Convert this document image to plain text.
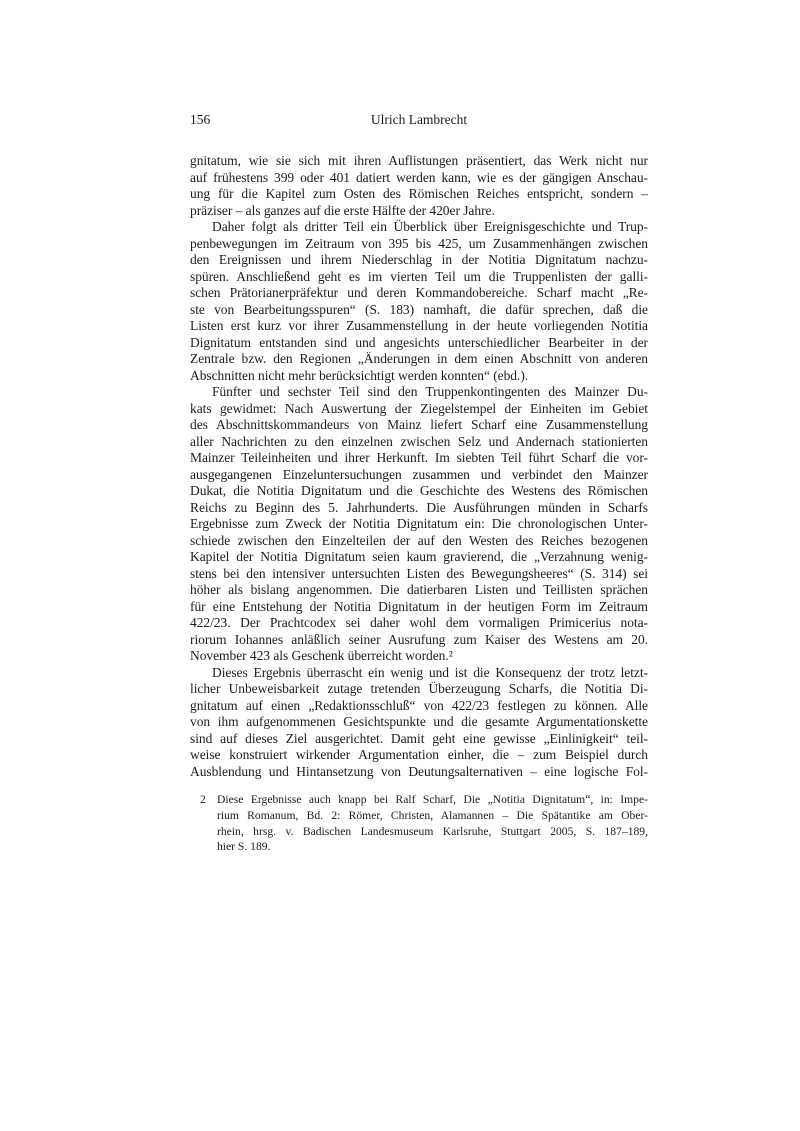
156	Ulrich Lambrecht
gnitatum, wie sie sich mit ihren Auflistungen präsentiert, das Werk nicht nur
auf frühestens 399 oder 401 datiert werden kann, wie es der gängigen Anschau-
ung für die Kapitel zum Osten des Römischen Reiches entspricht, sondern –
präziser – als ganzes auf die erste Hälfte der 420er Jahre.
Daher folgt als dritter Teil ein Überblick über Ereignisgeschichte und Trup-
penbewegungen im Zeitraum von 395 bis 425, um Zusammenhängen zwischen
den Ereignissen und ihrem Niederschlag in der Notitia Dignitatum nachzu-
spüren. Anschließend geht es im vierten Teil um die Truppenlisten der galli-
schen Prätorianerpräfektur und deren Kommandobereiche. Scharf macht „Re-
ste von Bearbeitungsspuren“ (S. 183) namhaft, die dafür sprechen, daß die
Listen erst kurz vor ihrer Zusammenstellung in der heute vorliegenden Notitia
Dignitatum entstanden sind und angesichts unterschiedlicher Bearbeiter in der
Zentrale bzw. den Regionen „Änderungen in dem einen Abschnitt von anderen
Abschnitten nicht mehr berücksichtigt werden konnten“ (ebd.).
Fünfter und sechster Teil sind den Truppenkontingenten des Mainzer Du-
kats gewidmet: Nach Auswertung der Ziegelstempel der Einheiten im Gebiet
des Abschnittskommandeurs von Mainz liefert Scharf eine Zusammenstellung
aller Nachrichten zu den einzelnen zwischen Selz und Andernach stationierten
Mainzer Teileinheiten und ihrer Herkunft. Im siebten Teil führt Scharf die vor-
ausgegangenen Einzeluntersuchungen zusammen und verbindet den Mainzer
Dukat, die Notitia Dignitatum und die Geschichte des Westens des Römischen
Reichs zu Beginn des 5. Jahrhunderts. Die Ausführungen münden in Scharfs
Ergebnisse zum Zweck der Notitia Dignitatum ein: Die chronologischen Unter-
schiede zwischen den Einzelteilen der auf den Westen des Reiches bezogenen
Kapitel der Notitia Dignitatum seien kaum gravierend, die „Verzahnung wenig-
stens bei den intensiver untersuchten Listen des Bewegungsheeres“ (S. 314) sei
höher als bislang angenommen. Die datierbaren Listen und Teillisten sprächen
für eine Entstehung der Notitia Dignitatum in der heutigen Form im Zeitraum
422/23. Der Prachtcodex sei daher wohl dem vormaligen Primicerius nota-
riorum Iohannes anläßlich seiner Ausrufung zum Kaiser des Westens am 20.
November 423 als Geschenk überreicht worden.²
Dieses Ergebnis überrascht ein wenig und ist die Konsequenz der trotz letzt-
licher Unbeweisbarkeit zutage tretenden Überzeugung Scharfs, die Notitia Di-
gnitatum auf einen „Redaktionsschluß“ von 422/23 festlegen zu können. Alle
von ihm aufgenommenen Gesichtspunkte und die gesamte Argumentationskette
sind auf dieses Ziel ausgerichtet. Damit geht eine gewisse „Einlinigkeit“ teil-
weise konstruiert wirkender Argumentation einher, die – zum Beispiel durch
Ausblendung und Hintansetzung von Deutungsalternativen – eine logische Fol-
2 Diese Ergebnisse auch knapp bei Ralf Scharf, Die „Notitia Dignitatum“, in: Impe-
rium Romanum, Bd. 2: Römer, Christen, Alamannen – Die Spätantike am Ober-
rhein, hrsg. v. Badischen Landesmuseum Karlsruhe, Stuttgart 2005, S. 187–189,
hier S. 189.
